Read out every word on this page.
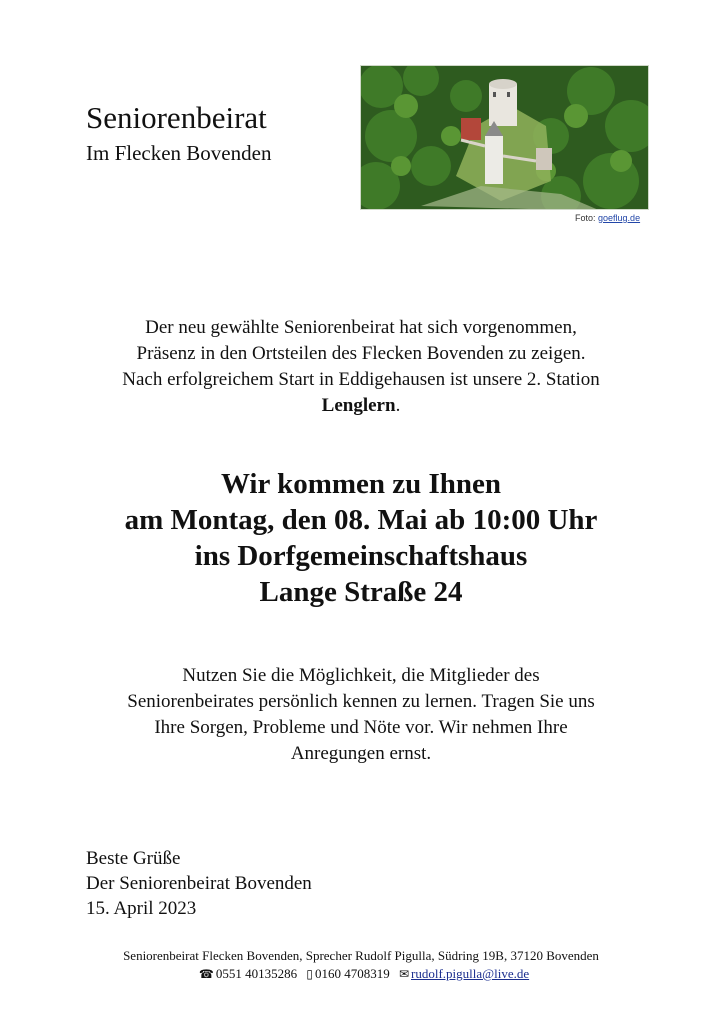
Seniorenbeirat
Im Flecken Bovenden
Foto: goeflug.de

Der neu gewählte Seniorenbeirat hat sich vorgenommen,

Präsenz in den Ortsteilen des Flecken Bovenden zu zeigen.

Nach erfolgreichem Start in Eddigehausen ist unsere 2. Station

Lenglern.

Wir kommen zu Ihnen

am Montag, den 08. Mai ab 10:00 Uhr

ins Dorfgemeinschaftshaus

Lange Straße 24

Nutzen Sie die Möglichkeit, die Mitglieder des

Seniorenbeirates persönlich kennen zu lernen. Tragen Sie uns

Ihre Sorgen, Probleme und Nöte vor. Wir nehmen Ihre

Anregungen ernst.

Beste Grüße

Der Seniorenbeirat Bovenden

15. April 2023

Seniorenbeirat Flecken Bovenden, Sprecher Rudolf Pigulla, Südring 19B, 37120 Bovenden

☎ 0551 40135286 ▯ 0160 4708319 ✉ rudolf.pigulla@live.de
